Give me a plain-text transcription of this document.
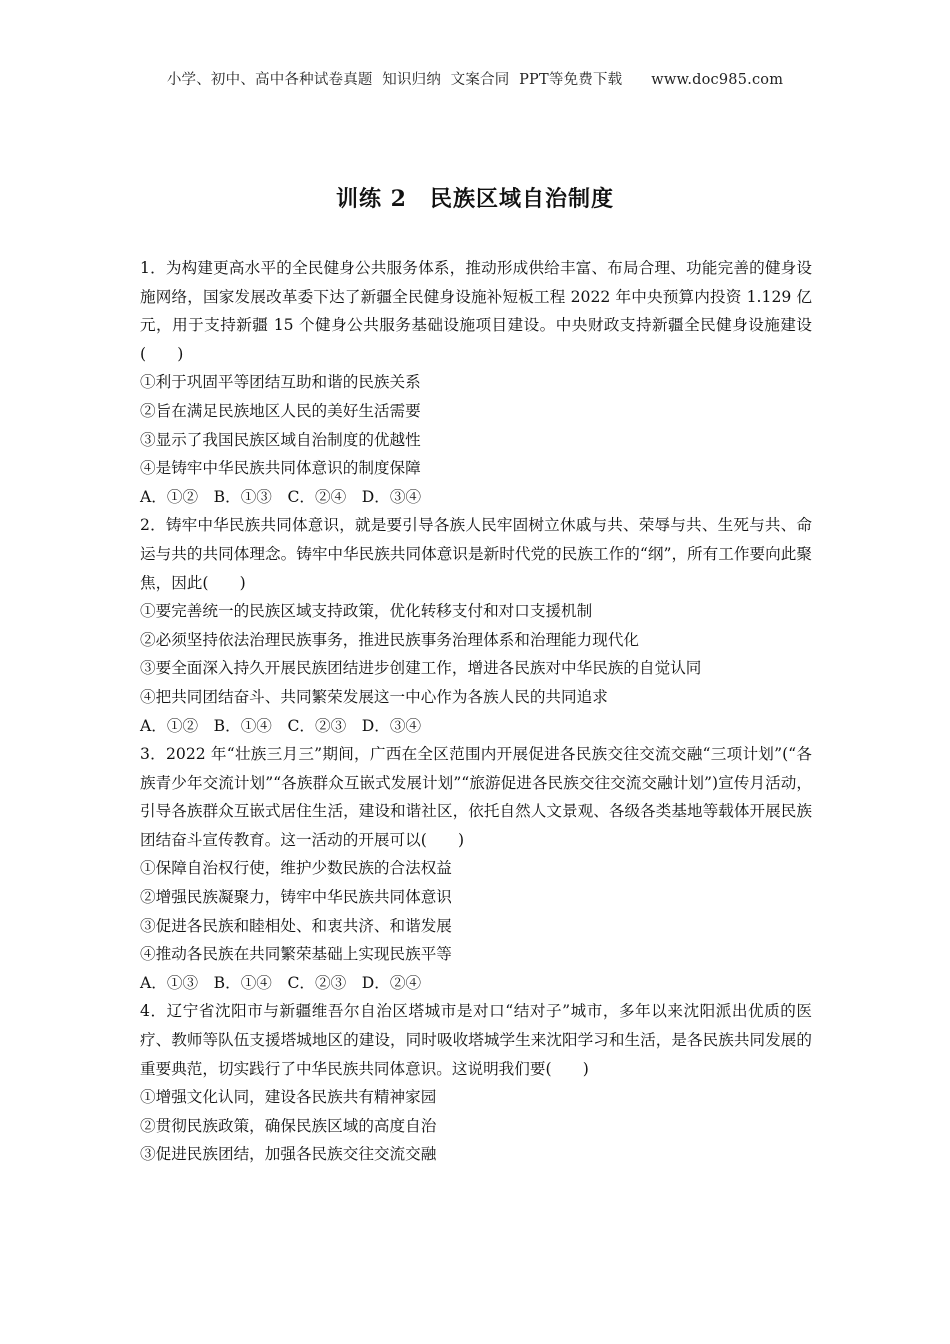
小学、初中、高中各种试卷真题  知识归纳  文案合同  PPT等免费下载      www.doc985.com
训练 2　民族区域自治制度

1．为构建更高水平的全民健身公共服务体系，推动形成供给丰富、布局合理、功能完善的健身设施网络，国家发展改革委下达了新疆全民健身设施补短板工程 2022 年中央预算内投资 1.129 亿元，用于支持新疆 15 个健身公共服务基础设施项目建设。中央财政支持新疆全民健身设施建设(　　)

①利于巩固平等团结互助和谐的民族关系

②旨在满足民族地区人民的美好生活需要

③显示了我国民族区域自治制度的优越性

④是铸牢中华民族共同体意识的制度保障

A．①②　B．①③　C．②④　D．③④

2．铸牢中华民族共同体意识，就是要引导各族人民牢固树立休戚与共、荣辱与共、生死与共、命运与共的共同体理念。铸牢中华民族共同体意识是新时代党的民族工作的“纲”，所有工作要向此聚焦，因此(　　)

①要完善统一的民族区域支持政策，优化转移支付和对口支援机制

②必须坚持依法治理民族事务，推进民族事务治理体系和治理能力现代化

③要全面深入持久开展民族团结进步创建工作，增进各民族对中华民族的自觉认同

④把共同团结奋斗、共同繁荣发展这一中心作为各族人民的共同追求

A．①②　B．①④　C．②③　D．③④

3．2022 年“壮族三月三”期间，广西在全区范围内开展促进各民族交往交流交融“三项计划”(“各族青少年交流计划”“各族群众互嵌式发展计划”“旅游促进各民族交往交流交融计划”)宣传月活动，引导各族群众互嵌式居住生活，建设和谐社区，依托自然人文景观、各级各类基地等载体开展民族团结奋斗宣传教育。这一活动的开展可以(　　)

①保障自治权行使，维护少数民族的合法权益

②增强民族凝聚力，铸牢中华民族共同体意识

③促进各民族和睦相处、和衷共济、和谐发展

④推动各民族在共同繁荣基础上实现民族平等

A．①③　B．①④　C．②③　D．②④

4．辽宁省沈阳市与新疆维吾尔自治区塔城市是对口“结对子”城市，多年以来沈阳派出优质的医疗、教师等队伍支援塔城地区的建设，同时吸收塔城学生来沈阳学习和生活，是各民族共同发展的重要典范，切实践行了中华民族共同体意识。这说明我们要(　　)

①增强文化认同，建设各民族共有精神家园

②贯彻民族政策，确保民族区域的高度自治

③促进民族团结，加强各民族交往交流交融
